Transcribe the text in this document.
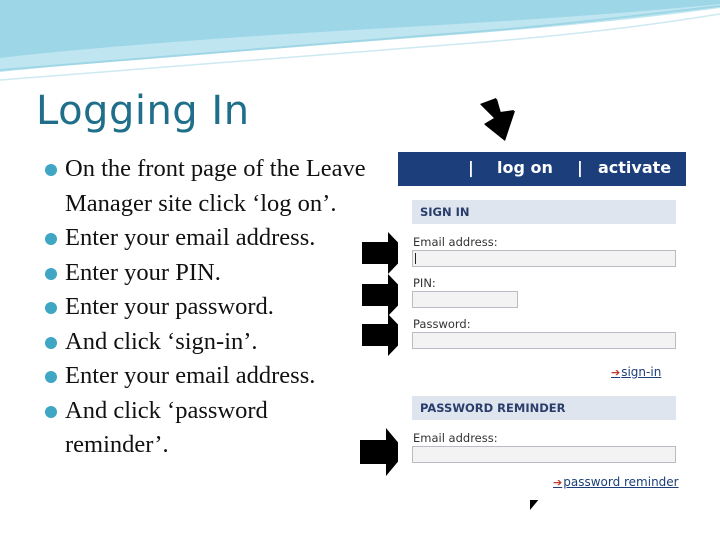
Logging In
On the front page of the Leave Manager site click ‘log on’.
Enter your email address.
Enter your PIN.
Enter your password.
And click ‘sign-in’.
Enter your email address.
And click ‘password reminder’.
| log on | activate
SIGN IN
Email address:
PIN:
Password:
➔sign-in
PASSWORD REMINDER
Email address:
➔password reminder
